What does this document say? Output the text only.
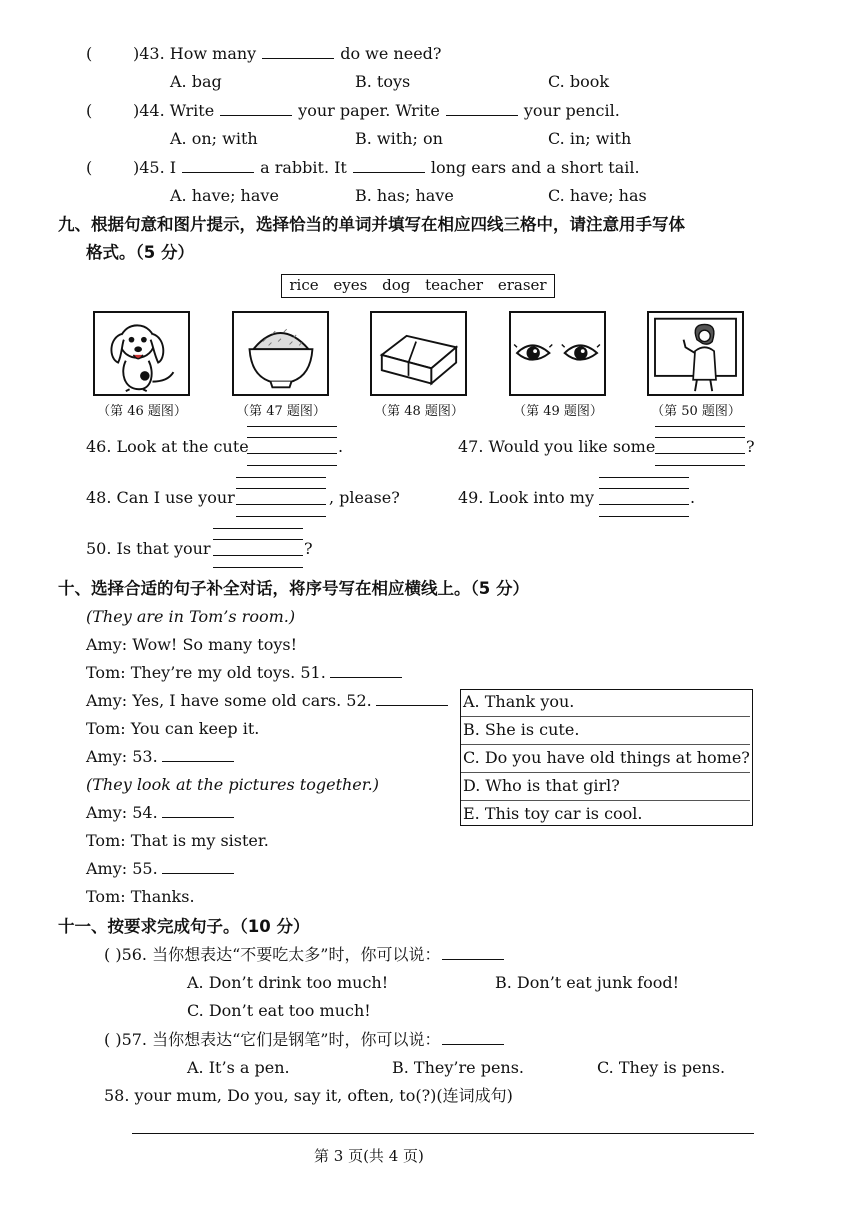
(	)43. How many	do we need?
A. bag	B. toys	C. book
(	)44. Write	your paper. Write	your pencil.
A. on; with	B. with; on	C. in; with
(	)45. I	a rabbit. It	long ears and a short tail.
A. have; have	B. has; have	C. have; has
九、根据句意和图片提示，选择恰当的单词并填写在相应四线三格中，请注意用手写体
格式。（5 分）
rice eyes dog teacher eraser
（第 46 题图）	（第 47 题图）	（第 48 题图）	（第 49 题图）	（第 50 题图）
46. Look at the cute	.	47. Would you like some	?
48. Can I use your	, please?	49. Look into my	.
50. Is that your	?
十、选择合适的句子补全对话，将序号写在相应横线上。（5 分）
(They are in Tom’s room.)
Amy: Wow! So many toys!
Tom: They’re my old toys. 51.
Amy: Yes, I have some old cars. 52.
Tom: You can keep it.
Amy: 53.
(They look at the pictures together.)
Amy: 54.
Tom: That is my sister.
Amy: 55.
Tom: Thanks.
A. Thank you.
B. She is cute.
C. Do you have old things at home?
D. Who is that girl?
E. This toy car is cool.
十一、按要求完成句子。（10 分）
( )56. 当你想表达“不要吃太多”时，你可以说：
A. Don’t drink too much!	B. Don’t eat junk food!
C. Don’t eat too much!
( )57. 当你想表达“它们是钢笔”时，你可以说：
A. It’s a pen.	B. They’re pens.	C. They is pens.
58. your mum, Do you, say it, often, to(?)(连词成句)
第 3 页(共 4 页)
